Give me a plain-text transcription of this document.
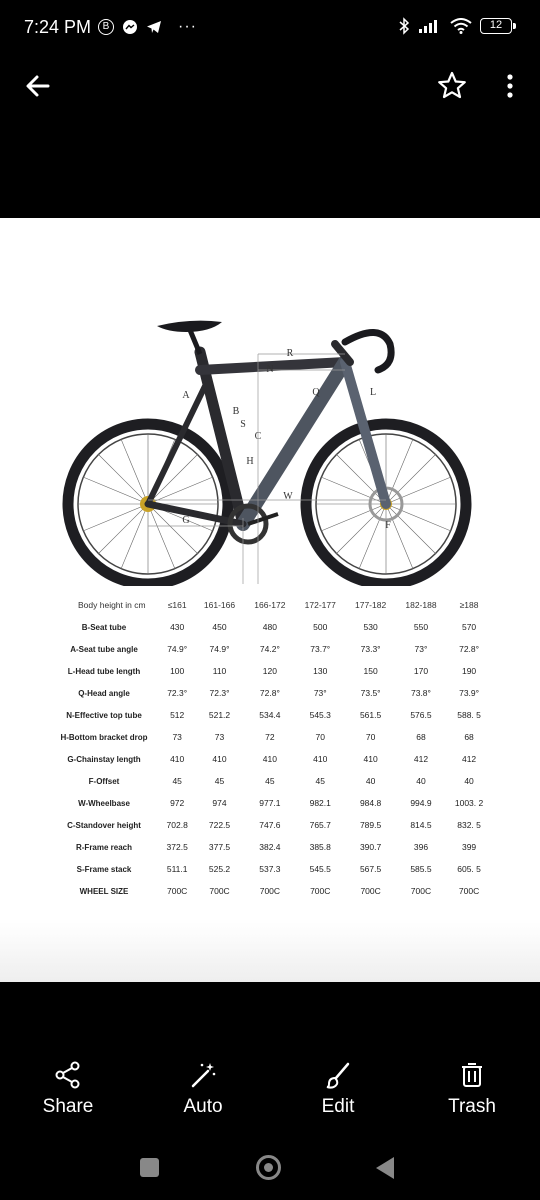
7:24 PM	B	···	12
R
N
A
B
S
C
H
Q	L
W
G	F
Body height in cm	≤161	161-166	166-172	172-177	177-182	182-188	≥188
B-Seat tube	430	450	480	500	530	550	570
A-Seat tube angle	74.9°	74.9°	74.2°	73.7°	73.3°	73°	72.8°
L-Head tube length	100	110	120	130	150	170	190
Q-Head angle	72.3°	72.3°	72.8°	73°	73.5°	73.8°	73.9°
N-Effective top tube	512	521.2	534.4	545.3	561.5	576.5	588. 5
H-Bottom bracket drop	73	73	72	70	70	68	68
G-Chainstay length	410	410	410	410	410	412	412
F-Offset	45	45	45	45	40	40	40
W-Wheelbase	972	974	977.1	982.1	984.8	994.9	1003. 2
C-Standover height	702.8	722.5	747.6	765.7	789.5	814.5	832. 5
R-Frame reach	372.5	377.5	382.4	385.8	390.7	396	399
S-Frame stack	511.1	525.2	537.3	545.5	567.5	585.5	605. 5
WHEEL SIZE	700C	700C	700C	700C	700C	700C	700C
Share	Auto	Edit	Trash
